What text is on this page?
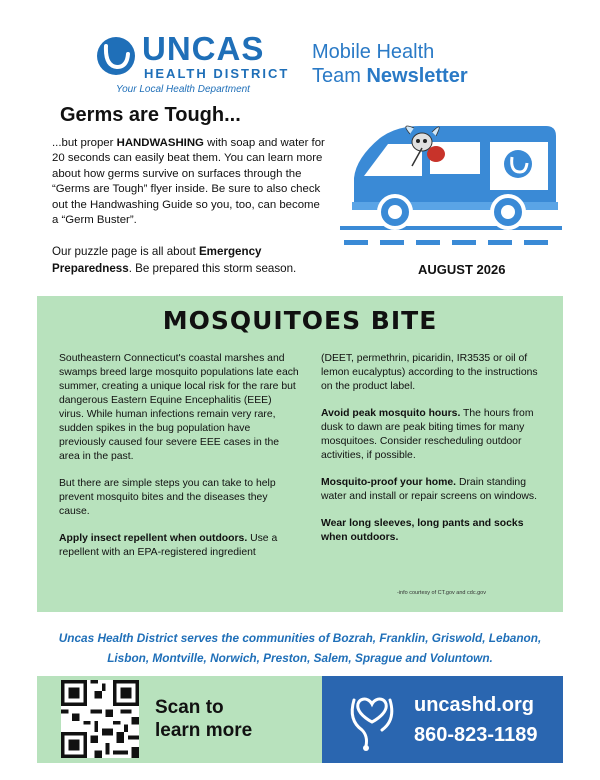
UNCAS
HEALTH DISTRICT
Your Local Health Department
Mobile Health
Team Newsletter
Germs are Tough...
...but proper HANDWASHING with soap and water for 20 seconds can easily beat them. You can learn more about how germs survive on surfaces through the “Germs are Tough” flyer inside. Be sure to also check out the Handwashing Guide so you, too, can become a “Germ Buster”.
Our puzzle page is all about Emergency Preparedness. Be prepared this storm season.	AUGUST 2026
MOSQUITOES BITE

Southeastern Connecticut's coastal marshes and swamps breed large mosquito populations late each summer, creating a unique local risk for the rare but dangerous Eastern Equine Encephalitis (EEE) virus. While human infections remain very rare, sudden spikes in the bug population have previously caused four severe EEE cases in the area in the past.

But there are simple steps you can take to help prevent mosquito bites and the diseases they cause.

Apply insect repellent when outdoors. Use a repellent with an EPA-registered ingredient

(DEET, permethrin, picaridin, IR3535 or oil of lemon eucalyptus) according to the instructions on the product label.

Avoid peak mosquito hours. The hours from dusk to dawn are peak biting times for many mosquitoes. Consider rescheduling outdoor activities, if possible.

Mosquito-proof your home. Drain standing water and install or repair screens on windows.

Wear long sleeves, long pants and socks when outdoors.

-info courtesy of CT.gov and cdc.gov
Uncas Health District serves the communities of Bozrah, Franklin, Griswold, Lebanon, Lisbon, Montville, Norwich, Preston, Salem, Sprague and Voluntown.
Scan to
learn more
uncashd.org
860-823-1189
